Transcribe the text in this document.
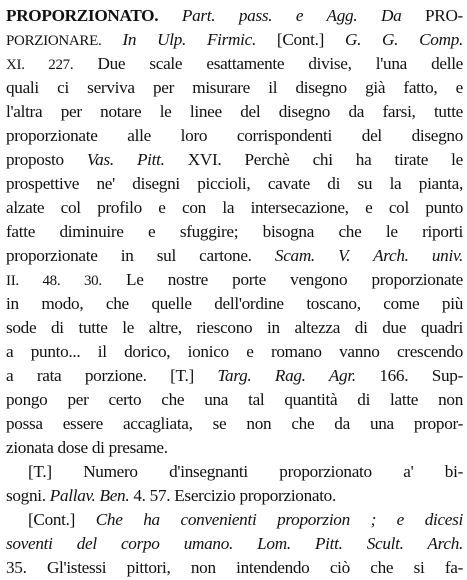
PROPORZIONATO. Part. pass. e Agg. Da PRO-
PORZIONARE. In Ulp. Firmic. [Cont.] G. G. Comp.
XI. 227. Due scale esattamente divise, l'una delle
quali ci serviva per misurare il disegno già fatto, e
l'altra per notare le linee del disegno da farsi, tutte
proporzionate alle loro corrispondenti del disegno
proposto Vas. Pitt. XVI. Perchè chi ha tirate le
prospettive ne' disegni piccioli, cavate di su la pianta,
alzate col profilo e con la intersecazione, e col punto
fatte diminuire e sfuggire; bisogna che le riporti
proporzionate in sul cartone. Scam. V. Arch. univ.
II. 48. 30. Le nostre porte vengono proporzionate
in modo, che quelle dell'ordine toscano, come più
sode di tutte le altre, riescono in altezza di due quadri
a punto... il dorico, ionico e romano vanno crescendo
a rata porzione. [T.] Targ. Rag. Agr. 166. Sup-
pongo per certo che una tal quantità di latte non
possa essere accagliata, se non che da una propor-
zionata dose di presame.
[T.] Numero d'insegnanti proporzionato a' bi-
sogni. Pallav. Ben. 4. 57. Esercizio proporzionato.
[Cont.] Che ha convenienti proporzion ; e dicesi
soventi del corpo umano. Lom. Pitt. Scult. Arch.
35. Gl'istessi pittori, non intendendo ciò che si fa-
